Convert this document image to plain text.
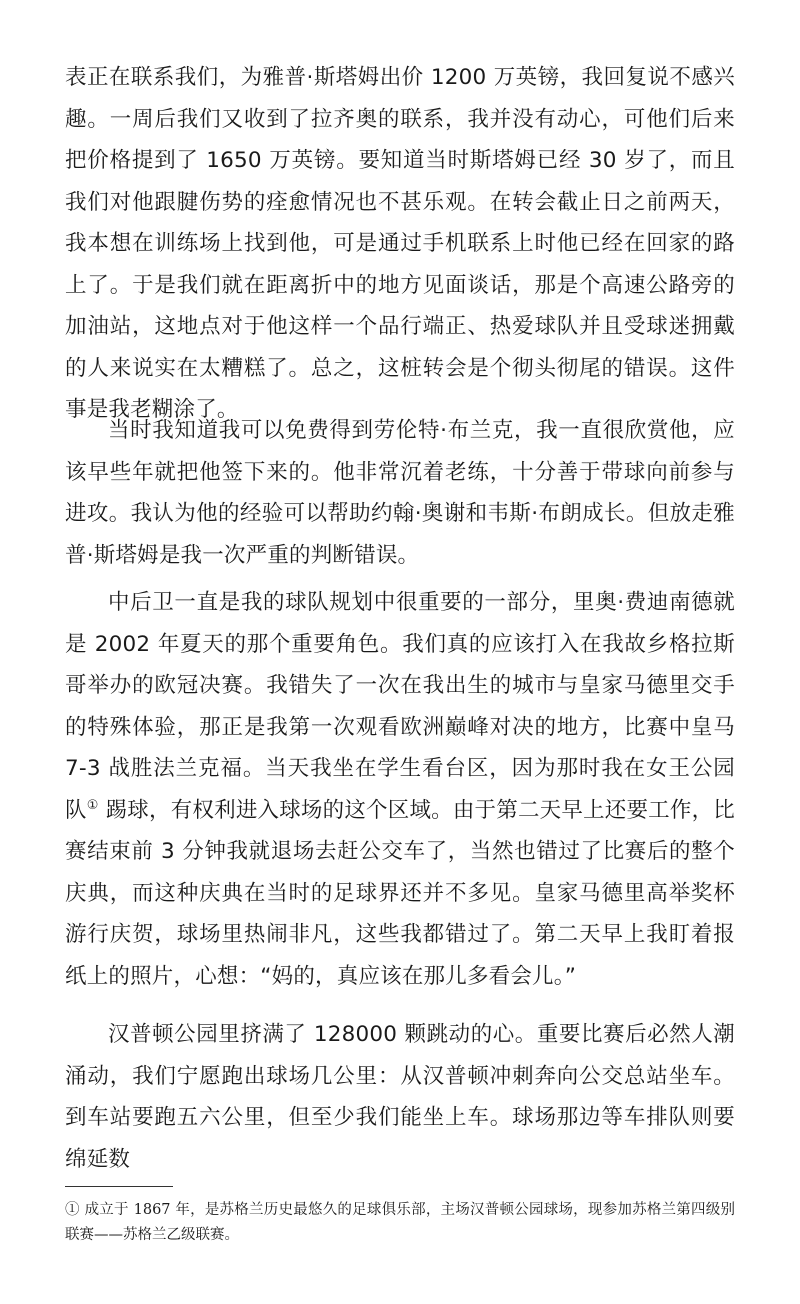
表正在联系我们，为雅普·斯塔姆出价 1200 万英镑，我回复说不感兴趣。一周后我们又收到了拉齐奥的联系，我并没有动心，可他们后来把价格提到了 1650 万英镑。要知道当时斯塔姆已经 30 岁了，而且我们对他跟腱伤势的痊愈情况也不甚乐观。在转会截止日之前两天，我本想在训练场上找到他，可是通过手机联系上时他已经在回家的路上了。于是我们就在距离折中的地方见面谈话，那是个高速公路旁的加油站，这地点对于他这样一个品行端正、热爱球队并且受球迷拥戴的人来说实在太糟糕了。总之，这桩转会是个彻头彻尾的错误。这件事是我老糊涂了。

当时我知道我可以免费得到劳伦特·布兰克，我一直很欣赏他，应该早些年就把他签下来的。他非常沉着老练，十分善于带球向前参与进攻。我认为他的经验可以帮助约翰·奥谢和韦斯·布朗成长。但放走雅普·斯塔姆是我一次严重的判断错误。

中后卫一直是我的球队规划中很重要的一部分，里奥·费迪南德就是 2002 年夏天的那个重要角色。我们真的应该打入在我故乡格拉斯哥举办的欧冠决赛。我错失了一次在我出生的城市与皇家马德里交手的特殊体验，那正是我第一次观看欧洲巅峰对决的地方，比赛中皇马 7-3 战胜法兰克福。当天我坐在学生看台区，因为那时我在女王公园队① 踢球，有权利进入球场的这个区域。由于第二天早上还要工作，比赛结束前 3 分钟我就退场去赶公交车了，当然也错过了比赛后的整个庆典，而这种庆典在当时的足球界还并不多见。皇家马德里高举奖杯游行庆贺，球场里热闹非凡，这些我都错过了。第二天早上我盯着报纸上的照片，心想：“妈的，真应该在那儿多看会儿。”

汉普顿公园里挤满了 128000 颗跳动的心。重要比赛后必然人潮涌动，我们宁愿跑出球场几公里：从汉普顿冲刺奔向公交总站坐车。到车站要跑五六公里，但至少我们能坐上车。球场那边等车排队则要绵延数

① 成立于 1867 年，是苏格兰历史最悠久的足球俱乐部，主场汉普顿公园球场，现参加苏格兰第四级别联赛——苏格兰乙级联赛。
